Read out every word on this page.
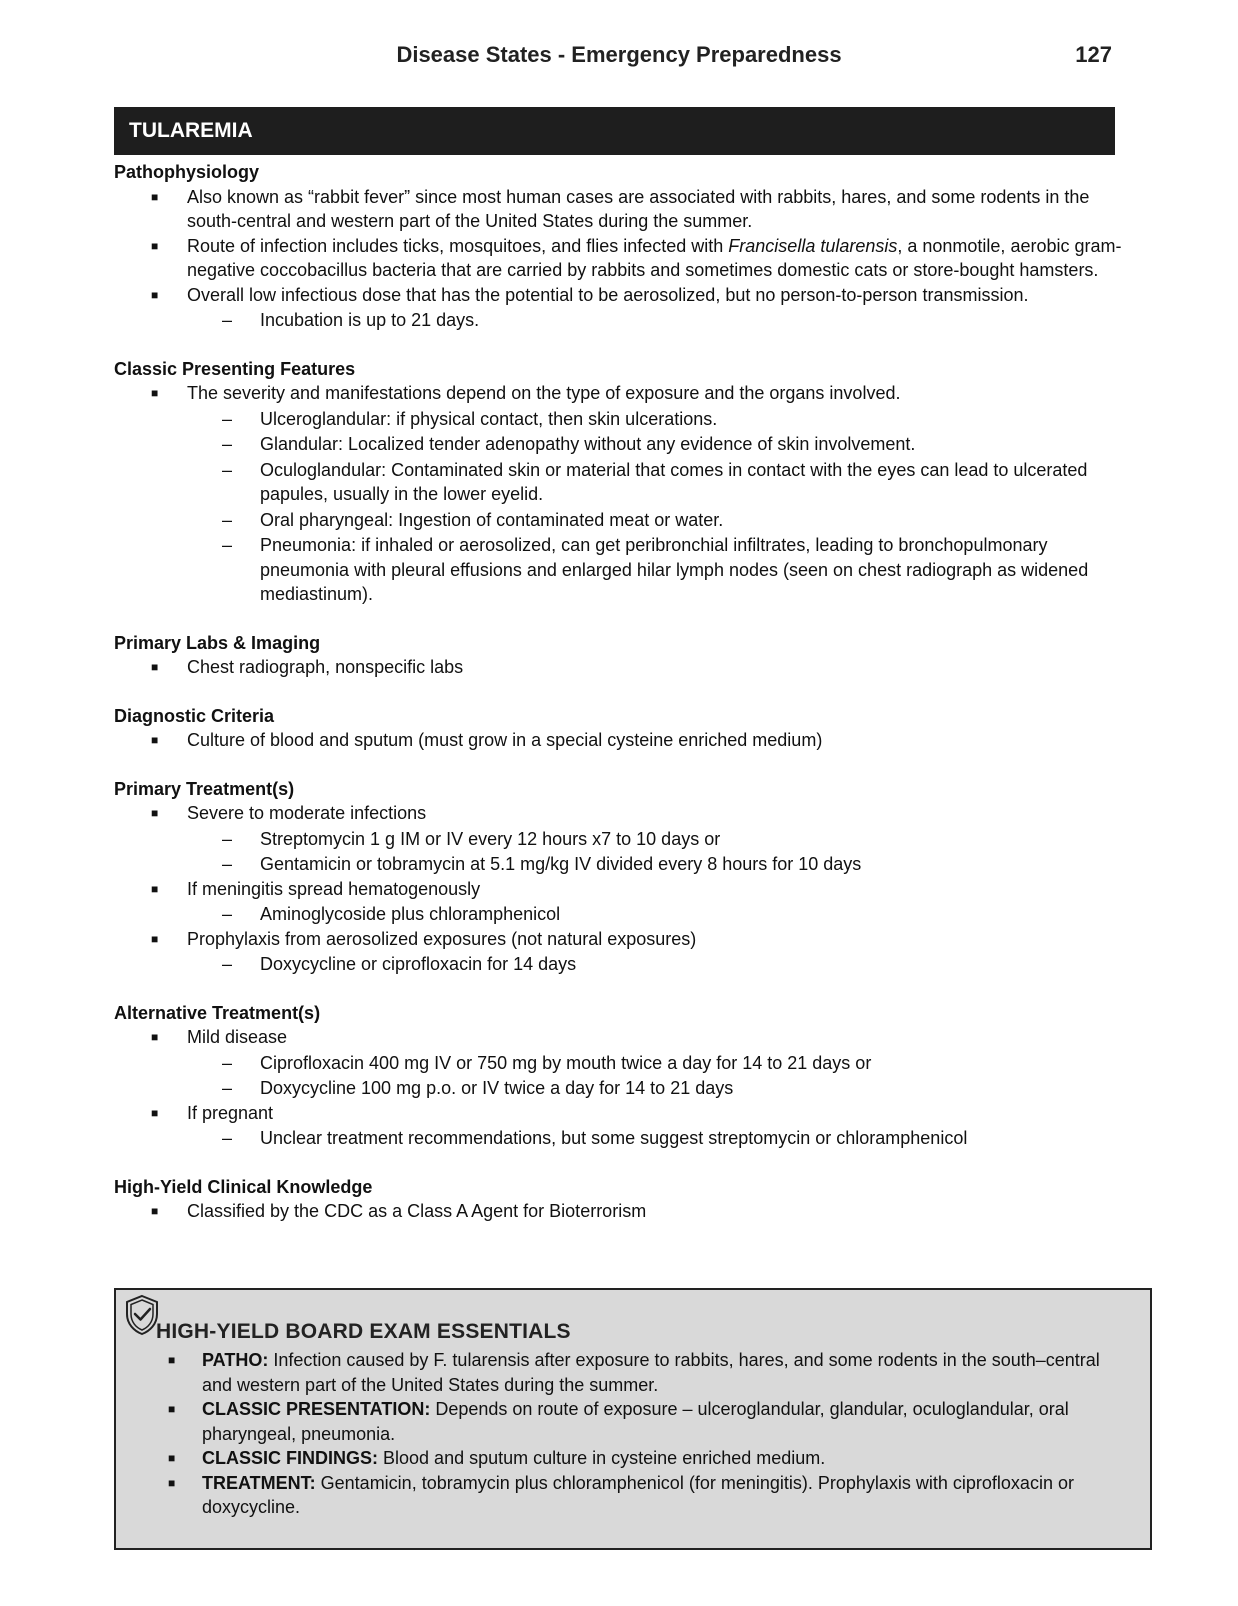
Disease States - Emergency Preparedness	127
TULAREMIA
Pathophysiology
■ Also known as “rabbit fever” since most human cases are associated with rabbits, hares, and some rodents in the south-central and western part of the United States during the summer.
■ Route of infection includes ticks, mosquitoes, and flies infected with Francisella tularensis, a nonmotile, aerobic gram-negative coccobacillus bacteria that are carried by rabbits and sometimes domestic cats or store-bought hamsters.
■ Overall low infectious dose that has the potential to be aerosolized, but no person-to-person transmission.
– Incubation is up to 21 days.
Classic Presenting Features
■ The severity and manifestations depend on the type of exposure and the organs involved.
– Ulceroglandular: if physical contact, then skin ulcerations.
– Glandular: Localized tender adenopathy without any evidence of skin involvement.
– Oculoglandular: Contaminated skin or material that comes in contact with the eyes can lead to ulcerated papules, usually in the lower eyelid.
– Oral pharyngeal: Ingestion of contaminated meat or water.
– Pneumonia: if inhaled or aerosolized, can get peribronchial infiltrates, leading to bronchopulmonary pneumonia with pleural effusions and enlarged hilar lymph nodes (seen on chest radiograph as widened mediastinum).
Primary Labs & Imaging
■ Chest radiograph, nonspecific labs
Diagnostic Criteria
■ Culture of blood and sputum (must grow in a special cysteine enriched medium)
Primary Treatment(s)
■ Severe to moderate infections
– Streptomycin 1 g IM or IV every 12 hours x7 to 10 days or
– Gentamicin or tobramycin at 5.1 mg/kg IV divided every 8 hours for 10 days
■ If meningitis spread hematogenously
– Aminoglycoside plus chloramphenicol
■ Prophylaxis from aerosolized exposures (not natural exposures)
– Doxycycline or ciprofloxacin for 14 days
Alternative Treatment(s)
■ Mild disease
– Ciprofloxacin 400 mg IV or 750 mg by mouth twice a day for 14 to 21 days or
– Doxycycline 100 mg p.o. or IV twice a day for 14 to 21 days
■ If pregnant
– Unclear treatment recommendations, but some suggest streptomycin or chloramphenicol
High-Yield Clinical Knowledge
■ Classified by the CDC as a Class A Agent for Bioterrorism
HIGH-YIELD BOARD EXAM ESSENTIALS
■ PATHO: Infection caused by F. tularensis after exposure to rabbits, hares, and some rodents in the south–central and western part of the United States during the summer.
■ CLASSIC PRESENTATION: Depends on route of exposure – ulceroglandular, glandular, oculoglandular, oral pharyngeal, pneumonia.
■ CLASSIC FINDINGS: Blood and sputum culture in cysteine enriched medium.
■ TREATMENT: Gentamicin, tobramycin plus chloramphenicol (for meningitis). Prophylaxis with ciprofloxacin or doxycycline.
